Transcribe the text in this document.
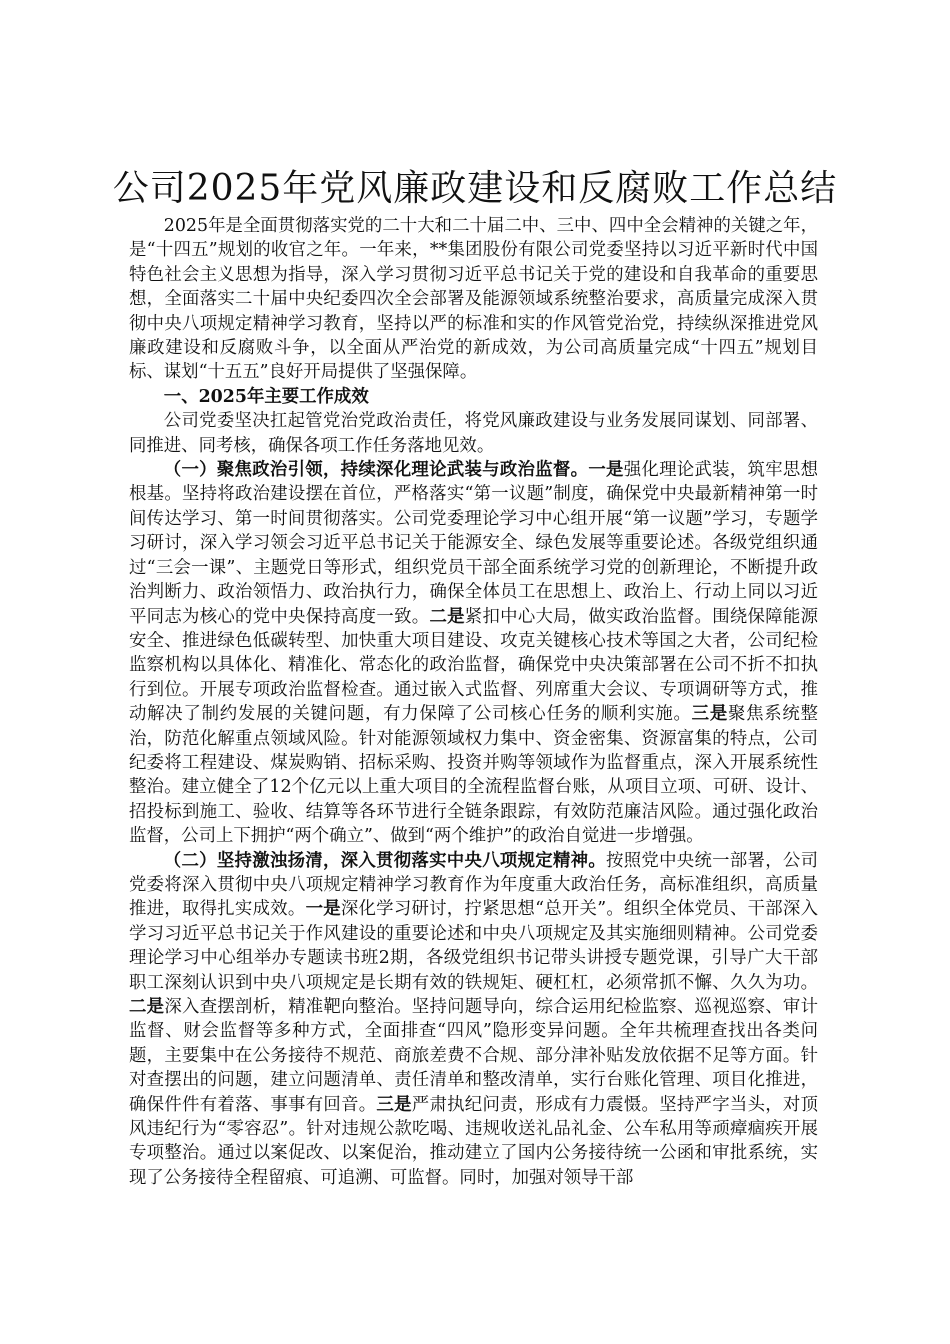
公司2025年党风廉政建设和反腐败工作总结

2025年是全面贯彻落实党的二十大和二十届二中、三中、四中全会精神的关键之年，是“十四五”规划的收官之年。一年来，**集团股份有限公司党委坚持以习近平新时代中国特色社会主义思想为指导，深入学习贯彻习近平总书记关于党的建设和自我革命的重要思想，全面落实二十届中央纪委四次全会部署及能源领域系统整治要求，高质量完成深入贯彻中央八项规定精神学习教育，坚持以严的标准和实的作风管党治党，持续纵深推进党风廉政建设和反腐败斗争，以全面从严治党的新成效，为公司高质量完成“十四五”规划目标、谋划“十五五”良好开局提供了坚强保障。

一、2025年主要工作成效

公司党委坚决扛起管党治党政治责任，将党风廉政建设与业务发展同谋划、同部署、同推进、同考核，确保各项工作任务落地见效。

（一）聚焦政治引领，持续深化理论武装与政治监督。一是强化理论武装，筑牢思想根基。坚持将政治建设摆在首位，严格落实“第一议题”制度，确保党中央最新精神第一时间传达学习、第一时间贯彻落实。公司党委理论学习中心组开展“第一议题”学习，专题学习研讨，深入学习领会习近平总书记关于能源安全、绿色发展等重要论述。各级党组织通过“三会一课”、主题党日等形式，组织党员干部全面系统学习党的创新理论，不断提升政治判断力、政治领悟力、政治执行力，确保全体员工在思想上、政治上、行动上同以习近平同志为核心的党中央保持高度一致。二是紧扣中心大局，做实政治监督。围绕保障能源安全、推进绿色低碳转型、加快重大项目建设、攻克关键核心技术等国之大者，公司纪检监察机构以具体化、精准化、常态化的政治监督，确保党中央决策部署在公司不折不扣执行到位。开展专项政治监督检查。通过嵌入式监督、列席重大会议、专项调研等方式，推动解决了制约发展的关键问题，有力保障了公司核心任务的顺利实施。三是聚焦系统整治，防范化解重点领域风险。针对能源领域权力集中、资金密集、资源富集的特点，公司纪委将工程建设、煤炭购销、招标采购、投资并购等领域作为监督重点，深入开展系统性整治。建立健全了12个亿元以上重大项目的全流程监督台账，从项目立项、可研、设计、招投标到施工、验收、结算等各环节进行全链条跟踪，有效防范廉洁风险。通过强化政治监督，公司上下拥护“两个确立”、做到“两个维护”的政治自觉进一步增强。

（二）坚持激浊扬清，深入贯彻落实中央八项规定精神。按照党中央统一部署，公司党委将深入贯彻中央八项规定精神学习教育作为年度重大政治任务，高标准组织，高质量推进，取得扎实成效。一是深化学习研讨，拧紧思想“总开关”。组织全体党员、干部深入学习习近平总书记关于作风建设的重要论述和中央八项规定及其实施细则精神。公司党委理论学习中心组举办专题读书班2期，各级党组织书记带头讲授专题党课，引导广大干部职工深刻认识到中央八项规定是长期有效的铁规矩、硬杠杠，必须常抓不懈、久久为功。二是深入查摆剖析，精准靶向整治。坚持问题导向，综合运用纪检监察、巡视巡察、审计监督、财会监督等多种方式，全面排查“四风”隐形变异问题。全年共梳理查找出各类问题，主要集中在公务接待不规范、商旅差费不合规、部分津补贴发放依据不足等方面。针对查摆出的问题，建立问题清单、责任清单和整改清单，实行台账化管理、项目化推进，确保件件有着落、事事有回音。三是严肃执纪问责，形成有力震慑。坚持严字当头，对顶风违纪行为“零容忍”。针对违规公款吃喝、违规收送礼品礼金、公车私用等顽瘴痼疾开展专项整治。通过以案促改、以案促治，推动建立了国内公务接待统一公函和审批系统，实现了公务接待全程留痕、可追溯、可监督。同时，加强对领导干部
